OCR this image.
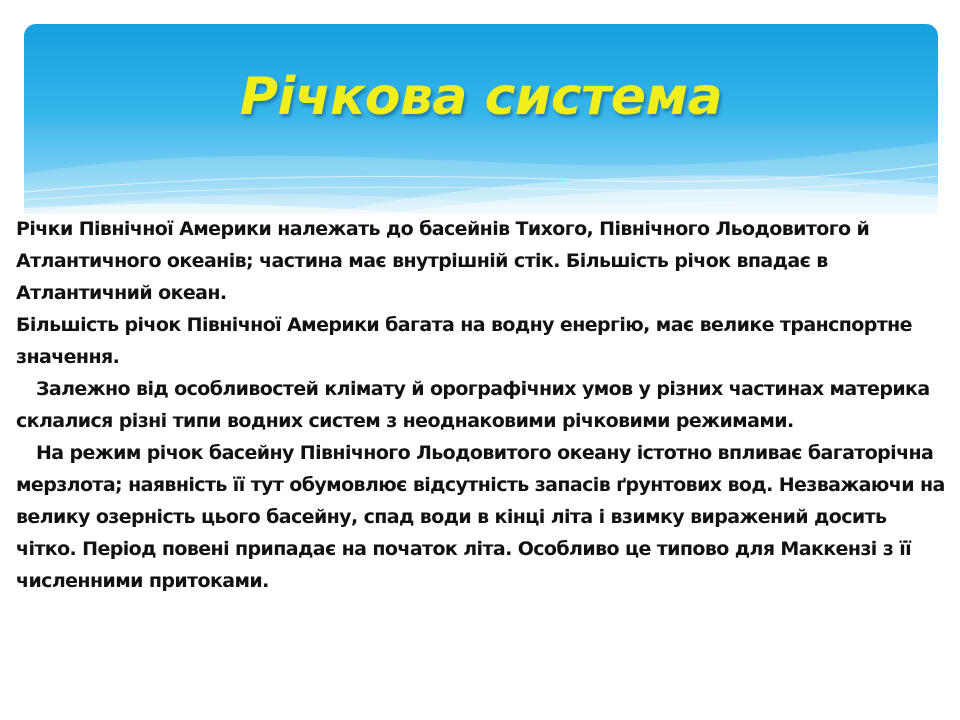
Річкова система

Річки Північної Америки належать до басейнів Тихого, Північного Льодовитого й Атлантичного океанів; частина має внутрішній стік. Більшість річок впадає в Атлантичний океан.

Більшість річок Північної Америки багата на водну енергію, має велике транспортне значення.

Залежно від особливостей клімату й орографічних умов у різних частинах материка склалися різні типи водних систем з неоднаковими річковими режимами.

На режим річок басейну Північного Льодовитого океану істотно впливає багаторічна мерзлота; наявність її тут обумовлює відсутність запасів ґрунтових вод. Незважаючи на велику озерність цього басейну, спад води в кінці літа і взимку виражений досить чітко. Період повені припадає на початок літа. Особливо це типово для Маккензі з її численними притоками.
